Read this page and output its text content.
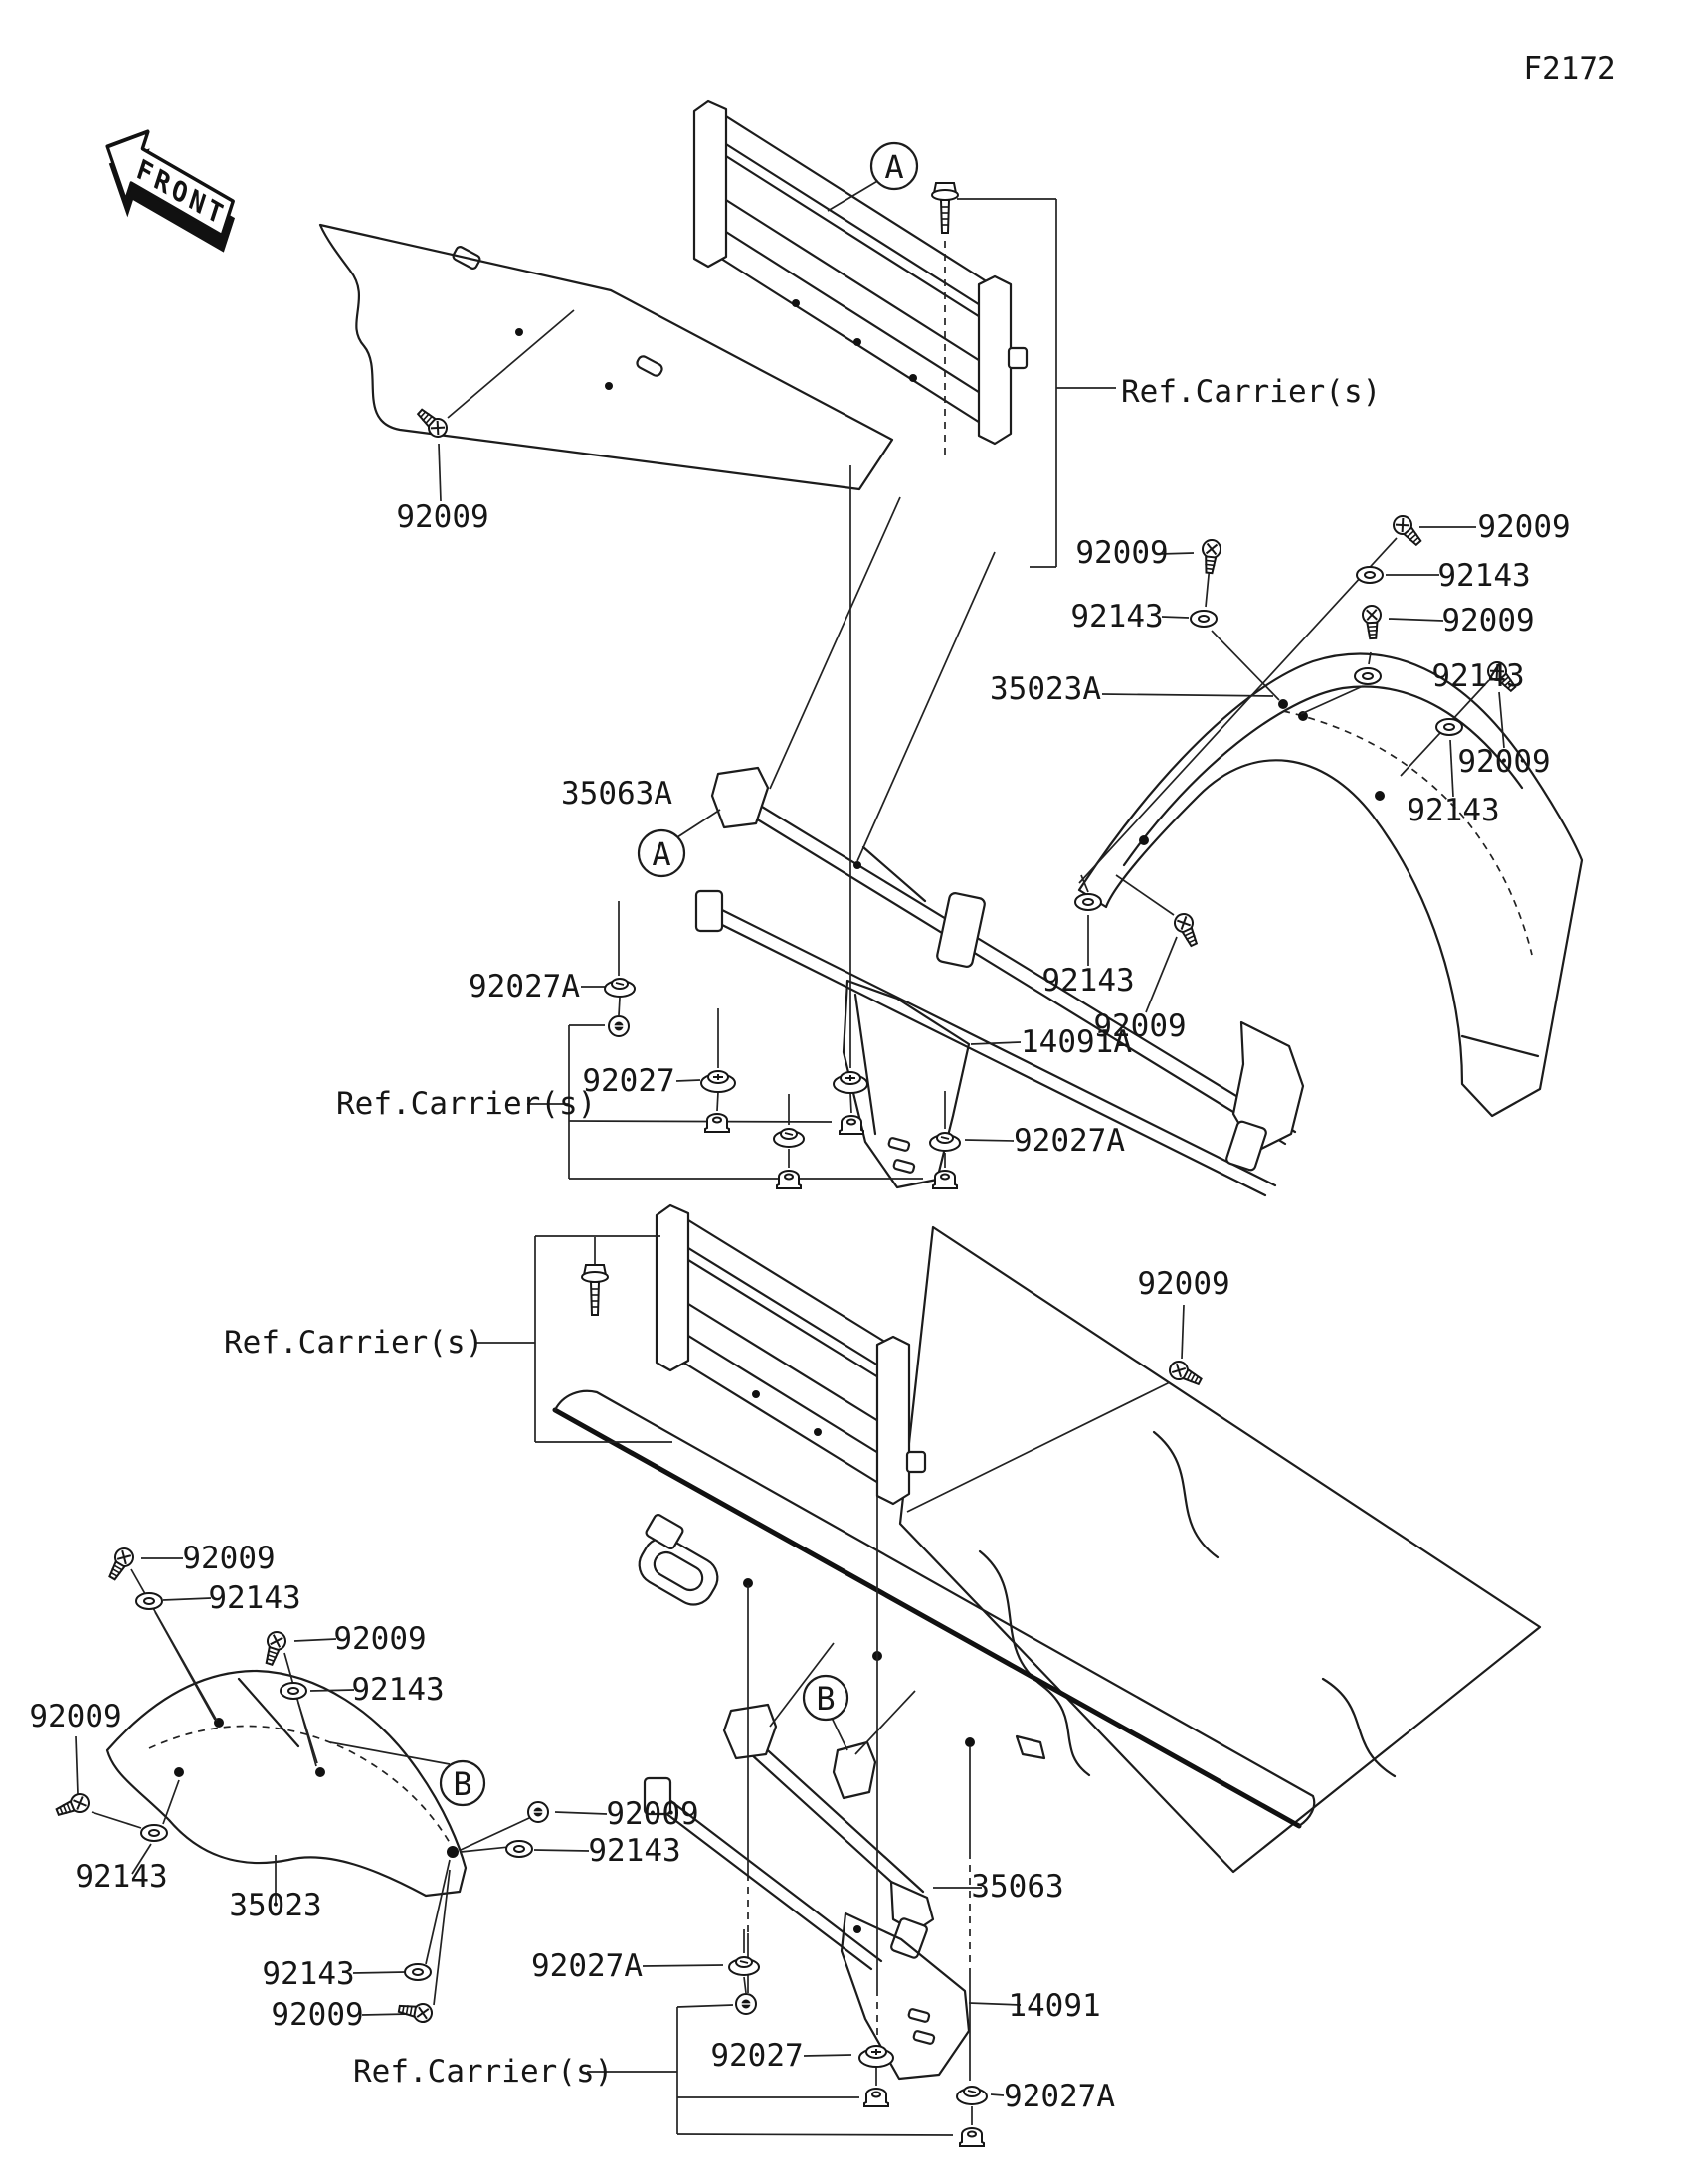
FRONT
F2172
A
A
B
B
92009
92009
92009
92009
92009
92009
92009
92009
92009
92009
92009
92009
92143
92143
92143
92143
92143
92143
92143
92143
92143
92143
92027A
92027A
92027A
92027A
92027
92027
35023A
35023
35063A
35063
14091A
14091
Ref.Carrier(s)
Ref.Carrier(s)
Ref.Carrier(s)
Ref.Carrier(s)
